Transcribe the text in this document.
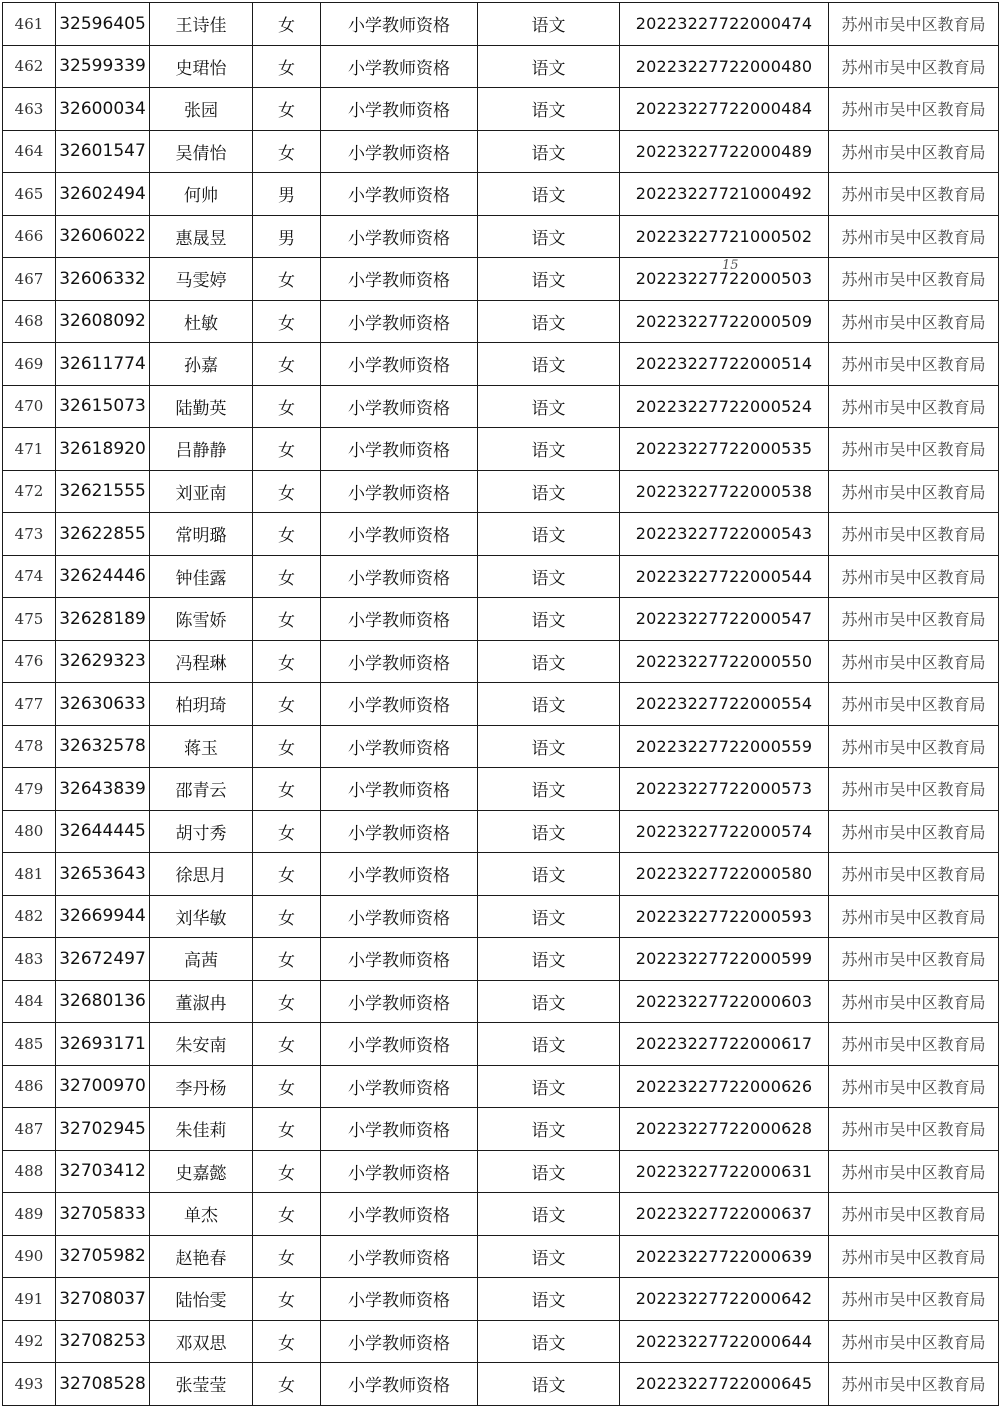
461	32596405	王诗佳	女	小学教师资格	语文	20223227722000474	苏州市吴中区教育局
462	32599339	史珺怡	女	小学教师资格	语文	20223227722000480	苏州市吴中区教育局
463	32600034	张园	女	小学教师资格	语文	20223227722000484	苏州市吴中区教育局
464	32601547	吴倩怡	女	小学教师资格	语文	20223227722000489	苏州市吴中区教育局
465	32602494	何帅	男	小学教师资格	语文	20223227721000492	苏州市吴中区教育局
466	32606022	惠晟昱	男	小学教师资格	语文	20223227721000502	苏州市吴中区教育局
467	32606332	马雯婷	女	小学教师资格	语文	20223227722000503	苏州市吴中区教育局
468	32608092	杜敏	女	小学教师资格	语文	20223227722000509	苏州市吴中区教育局
469	32611774	孙嘉	女	小学教师资格	语文	20223227722000514	苏州市吴中区教育局
470	32615073	陆勤英	女	小学教师资格	语文	20223227722000524	苏州市吴中区教育局
471	32618920	吕静静	女	小学教师资格	语文	20223227722000535	苏州市吴中区教育局
472	32621555	刘亚南	女	小学教师资格	语文	20223227722000538	苏州市吴中区教育局
473	32622855	常明璐	女	小学教师资格	语文	20223227722000543	苏州市吴中区教育局
474	32624446	钟佳露	女	小学教师资格	语文	20223227722000544	苏州市吴中区教育局
475	32628189	陈雪娇	女	小学教师资格	语文	20223227722000547	苏州市吴中区教育局
476	32629323	冯程琳	女	小学教师资格	语文	20223227722000550	苏州市吴中区教育局
477	32630633	柏玥琦	女	小学教师资格	语文	20223227722000554	苏州市吴中区教育局
478	32632578	蒋玉	女	小学教师资格	语文	20223227722000559	苏州市吴中区教育局
479	32643839	邵青云	女	小学教师资格	语文	20223227722000573	苏州市吴中区教育局
480	32644445	胡寸秀	女	小学教师资格	语文	20223227722000574	苏州市吴中区教育局
481	32653643	徐思月	女	小学教师资格	语文	20223227722000580	苏州市吴中区教育局
482	32669944	刘华敏	女	小学教师资格	语文	20223227722000593	苏州市吴中区教育局
483	32672497	高茜	女	小学教师资格	语文	20223227722000599	苏州市吴中区教育局
484	32680136	董淑冉	女	小学教师资格	语文	20223227722000603	苏州市吴中区教育局
485	32693171	朱安南	女	小学教师资格	语文	20223227722000617	苏州市吴中区教育局
486	32700970	李丹杨	女	小学教师资格	语文	20223227722000626	苏州市吴中区教育局
487	32702945	朱佳莉	女	小学教师资格	语文	20223227722000628	苏州市吴中区教育局
488	32703412	史嘉懿	女	小学教师资格	语文	20223227722000631	苏州市吴中区教育局
489	32705833	单杰	女	小学教师资格	语文	20223227722000637	苏州市吴中区教育局
490	32705982	赵艳春	女	小学教师资格	语文	20223227722000639	苏州市吴中区教育局
491	32708037	陆怡雯	女	小学教师资格	语文	20223227722000642	苏州市吴中区教育局
492	32708253	邓双思	女	小学教师资格	语文	20223227722000644	苏州市吴中区教育局
493	32708528	张莹莹	女	小学教师资格	语文	20223227722000645	苏州市吴中区教育局
15
